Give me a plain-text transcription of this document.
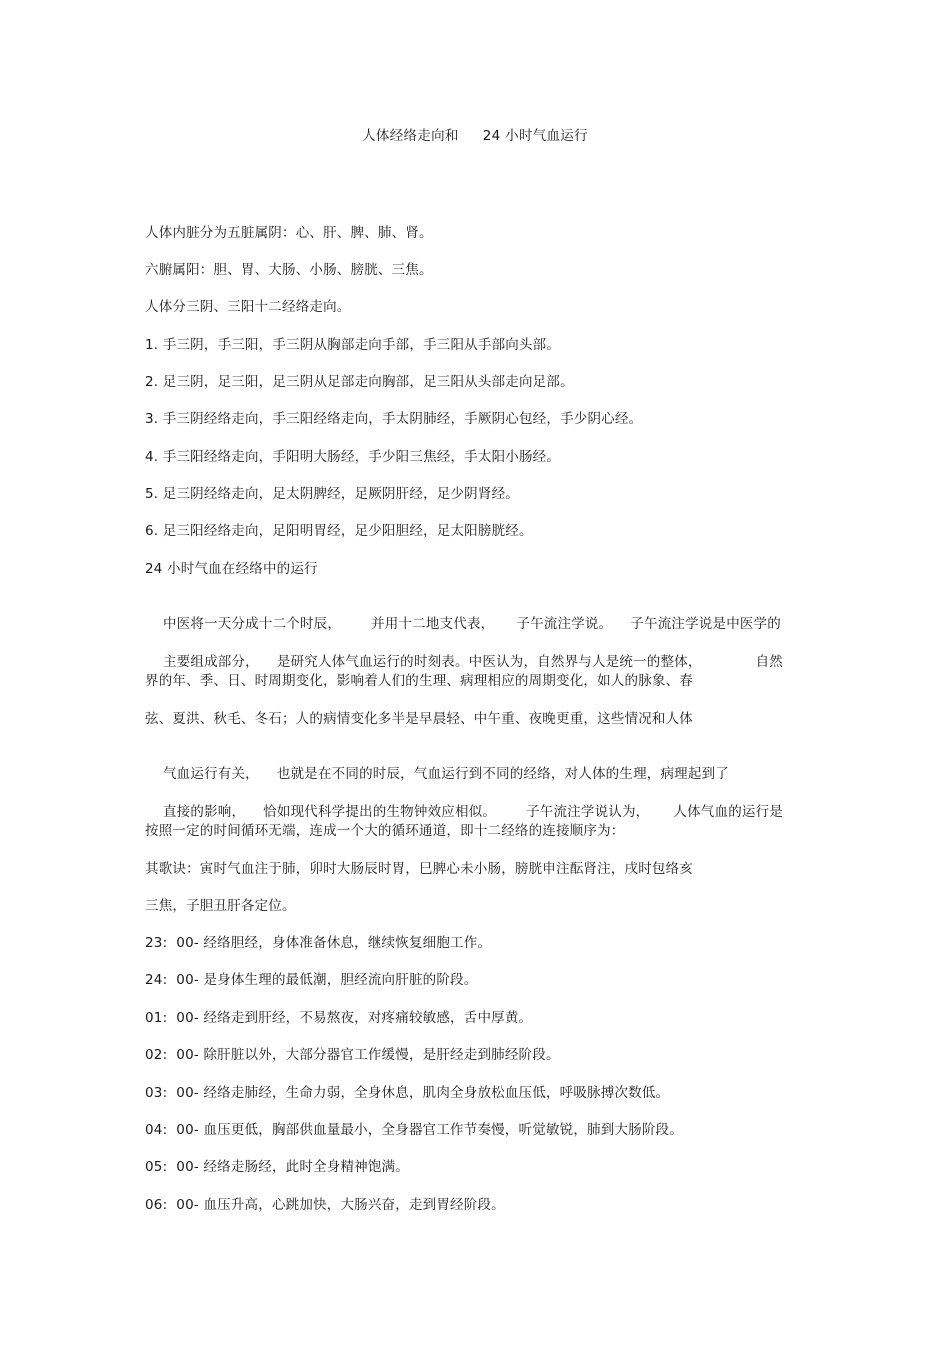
人体经络走向和 24 小时气血运行
人体内脏分为五脏属阴：心、肝、脾、肺、肾。
六腑属阳：胆、胃、大肠、小肠、膀胱、三焦。
人体分三阴、三阳十二经络走向。
1. 手三阴，手三阳，手三阴从胸部走向手部，手三阳从手部向头部。
2. 足三阴，足三阳，足三阴从足部走向胸部，足三阳从头部走向足部。
3. 手三阴经络走向，手三阳经络走向，手太阴肺经，手厥阴心包经，手少阴心经。
4. 手三阳经络走向，手阳明大肠经，手少阳三焦经，手太阳小肠经。
5. 足三阴经络走向，足太阴脾经，足厥阴肝经，足少阴肾经。
6. 足三阳经络走向，足阳明胃经，足少阳胆经，足太阳膀胱经。
24 小时气血在经络中的运行

中医将一天分成十二个时辰， 并用十二地支代表， 子午流注学说。 子午流注学说是中医学的

主要组成部分， 是研究人体气血运行的时刻表。中医认为，自然界与人是统一的整体，	自然

界的年、季、日、时周期变化，影响着人们的生理、病理相应的周期变化，如人的脉象、春
弦、夏洪、秋毛、冬石；人的病情变化多半是早晨轻、中午重、夜晚更重，这些情况和人体

气血运行有关， 也就是在不同的时辰，气血运行到不同的经络，对人体的生理，病理起到了

直接的影响， 恰如现代科学提出的生物钟效应相似。 子午流注学说认为， 人体气血的运行是

按照一定的时间循环无端，连成一个大的循环通道，即十二经络的连接顺序为：
其歌诀：寅时气血注于肺，卯时大肠辰时胃，巳脾心未小肠，膀胱申注酝肾注，戌时包络亥
三焦，子胆丑肝各定位。
23:  00- 经络胆经，身体准备休息，继续恢复细胞工作。
24:  00- 是身体生理的最低潮，胆经流向肝脏的阶段。
01:  00- 经络走到肝经，不易熬夜，对疼痛较敏感，舌中厚黄。
02:  00- 除肝脏以外，大部分器官工作缓慢，是肝经走到肺经阶段。
03:  00- 经络走肺经，生命力弱，全身休息，肌肉全身放松血压低，呼吸脉搏次数低。
04:  00- 血压更低，胸部供血量最小，全身器官工作节奏慢，听觉敏锐，肺到大肠阶段。
05:  00- 经络走肠经，此时全身精神饱满。
06:  00- 血压升高，心跳加快，大肠兴奋，走到胃经阶段。
